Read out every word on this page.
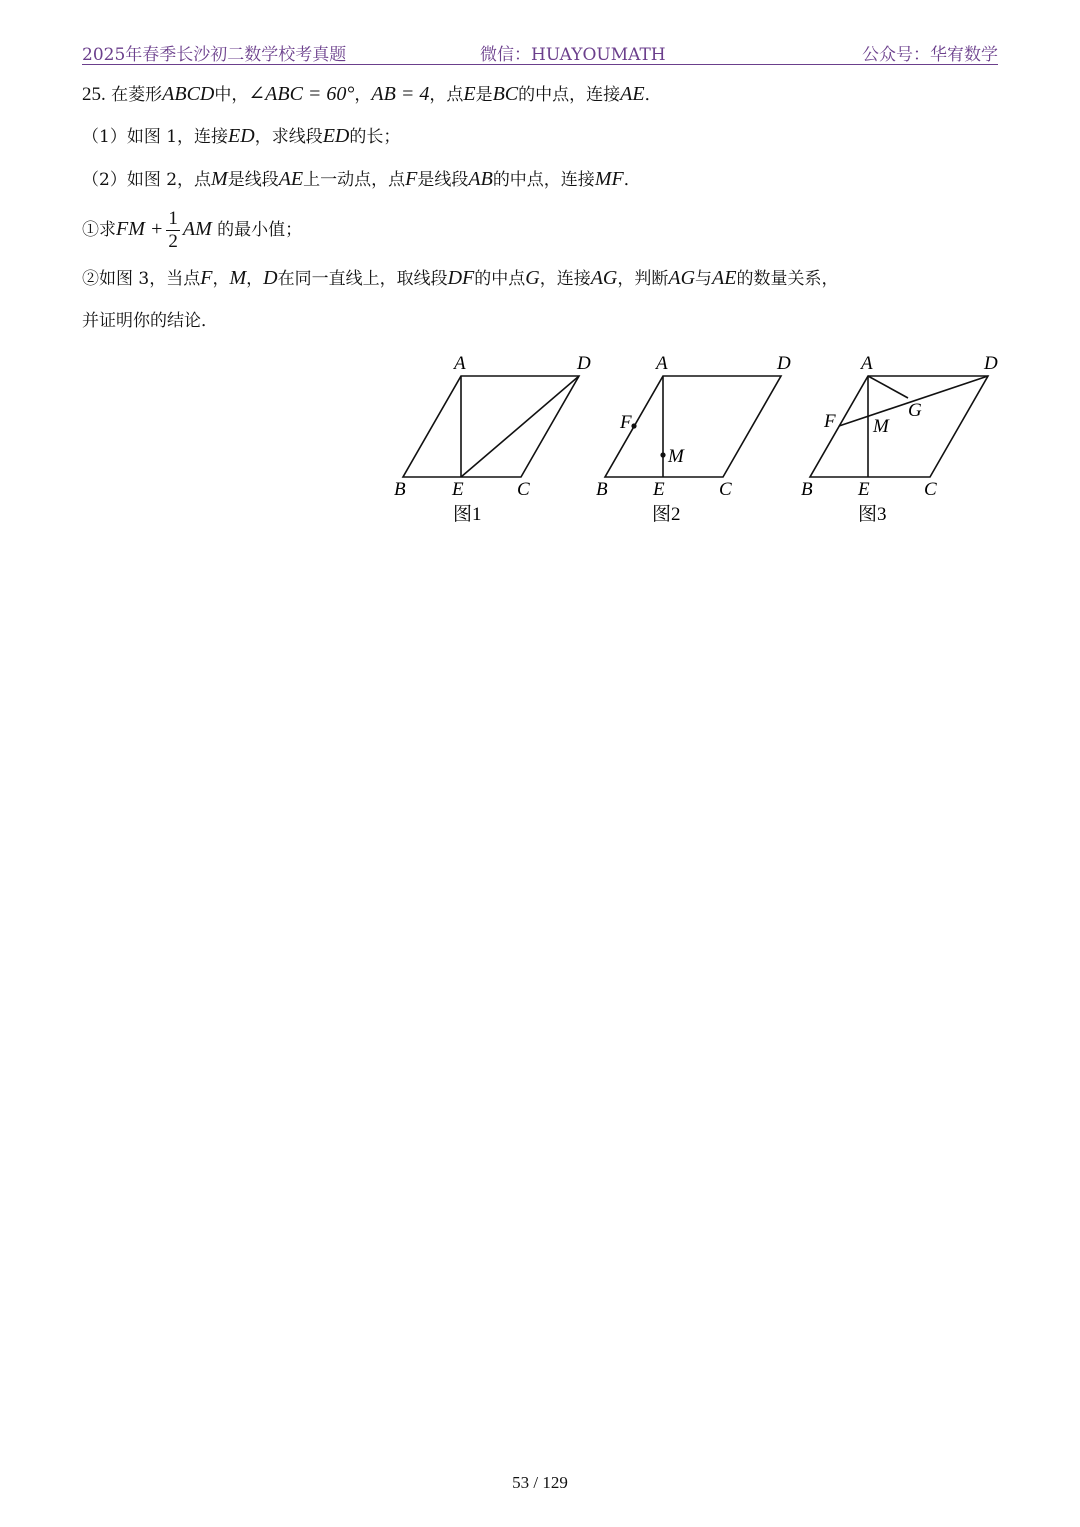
2025年春季长沙初二数学校考真题	微信：HUAYOUMATH	公众号：华宥数学
25. 在菱形ABCD中，∠ABC = 60°，AB = 4，点E是BC的中点，连接AE．
（1）如图 1，连接ED，求线段ED的长；
（2）如图 2，点M是线段AE上一动点，点F是线段AB的中点，连接MF．
①求FM + $\frac{1}{2}$ AM 的最小值；
②如图 3，当点F，M，D在同一直线上，取线段DF的中点G，连接AG，判断AG与AE的数量关系，
并证明你的结论．
A	D
B E	C
图1
A	D
F
M
B E	C
图2
A	D
F M
G
B E	C
图3
53 / 129
